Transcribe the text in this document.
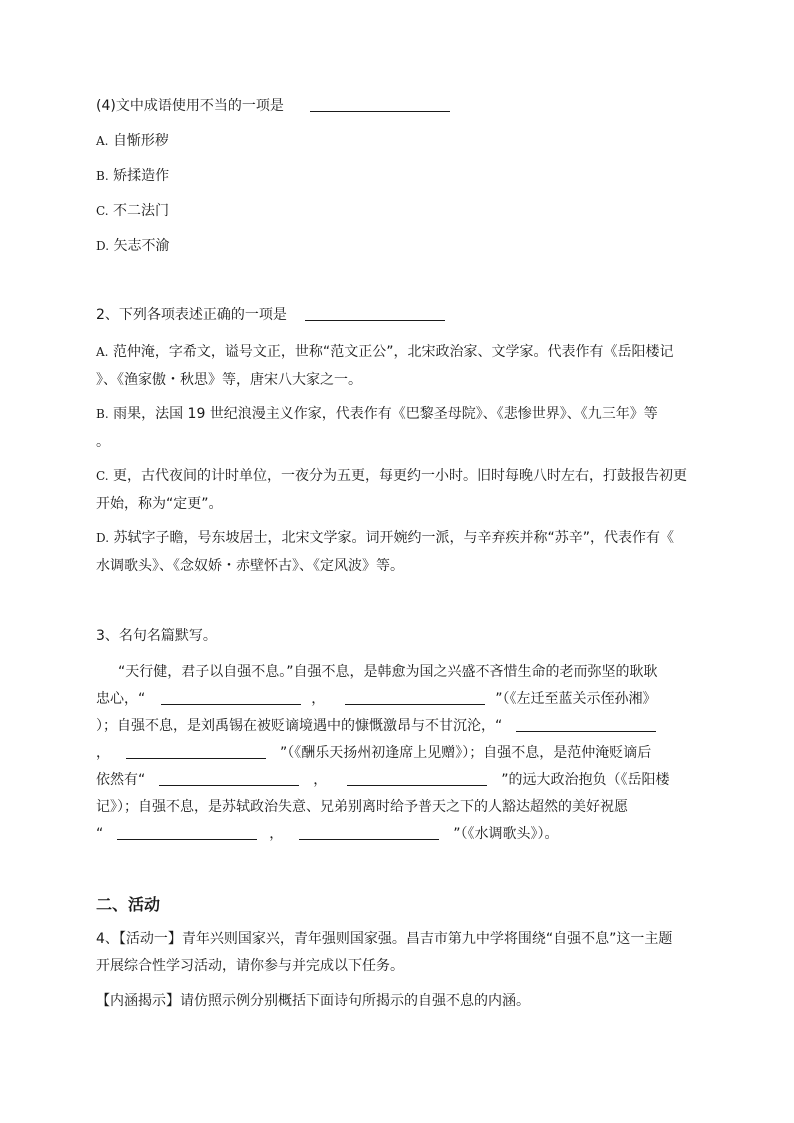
(4)文中成语使用不当的一项是
A. 自惭形秽
B. 矫揉造作
C. 不二法门
D. 矢志不渝
2、下列各项表述正确的一项是
A. 范仲淹，字希文，谥号文正，世称“范文正公”，北宋政治家、文学家。代表作有《岳阳楼记
》、《渔家傲・秋思》等，唐宋八大家之一。
B. 雨果，法国 19 世纪浪漫主义作家，代表作有《巴黎圣母院》、《悲惨世界》、《九三年》等
。
C. 更，古代夜间的计时单位，一夜分为五更，每更约一小时。旧时每晚八时左右，打鼓报告初更
开始，称为“定更”。
D. 苏轼字子瞻，号东坡居士，北宋文学家。词开婉约一派，与辛弃疾并称“苏辛”，代表作有《
水调歌头》、《念奴娇・赤壁怀古》、《定风波》等。
3、名句名篇默写。
“天行健，君子以自强不息。”自强不息，是韩愈为国之兴盛不吝惜生命的老而弥坚的耿耿
忠心，“	，	”（《左迁至蓝关示侄孙湘》
）；自强不息，是刘禹锡在被贬谪境遇中的慷慨激昂与不甘沉沦，“
，	”（《酬乐天扬州初逢席上见赠》）；自强不息，是范仲淹贬谪后
依然有“	，	”的远大政治抱负（《岳阳楼
记》）；自强不息，是苏轼政治失意、兄弟别离时给予普天之下的人豁达超然的美好祝愿
“	，	”（《水调歌头》）。
二、活动
4、【活动一】青年兴则国家兴，青年强则国家强。昌吉市第九中学将围绕“自强不息”这一主题
开展综合性学习活动，请你参与并完成以下任务。
【内涵揭示】请仿照示例分别概括下面诗句所揭示的自强不息的内涵。
